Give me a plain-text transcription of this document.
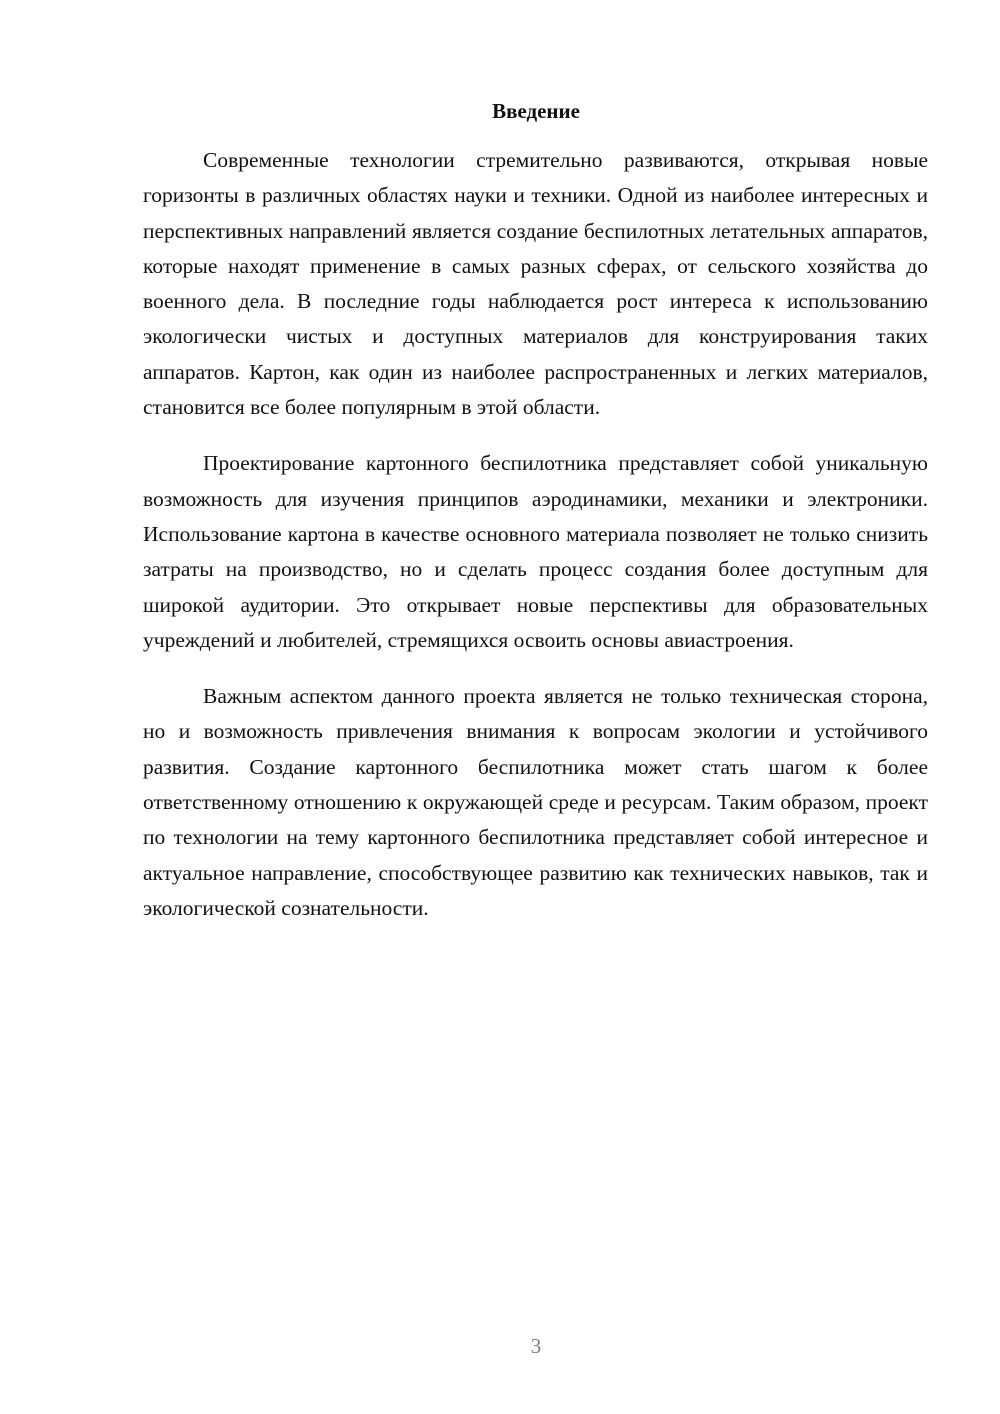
Введение

Современные технологии стремительно развиваются, открывая новые горизонты в различных областях науки и техники. Одной из наиболее интересных и перспективных направлений является создание беспилотных летательных аппаратов, которые находят применение в самых разных сферах, от сельского хозяйства до военного дела. В последние годы наблюдается рост интереса к использованию экологически чистых и доступных материалов для конструирования таких аппаратов. Картон, как один из наиболее распространенных и легких материалов, становится все более популярным в этой области.

Проектирование картонного беспилотника представляет собой уникальную возможность для изучения принципов аэродинамики, механики и электроники. Использование картона в качестве основного материала позволяет не только снизить затраты на производство, но и сделать процесс создания более доступным для широкой аудитории. Это открывает новые перспективы для образовательных учреждений и любителей, стремящихся освоить основы авиастроения.

Важным аспектом данного проекта является не только техническая сторона, но и возможность привлечения внимания к вопросам экологии и устойчивого развития. Создание картонного беспилотника может стать шагом к более ответственному отношению к окружающей среде и ресурсам. Таким образом, проект по технологии на тему картонного беспилотника представляет собой интересное и актуальное направление, способствующее развитию как технических навыков, так и экологической сознательности.

3
